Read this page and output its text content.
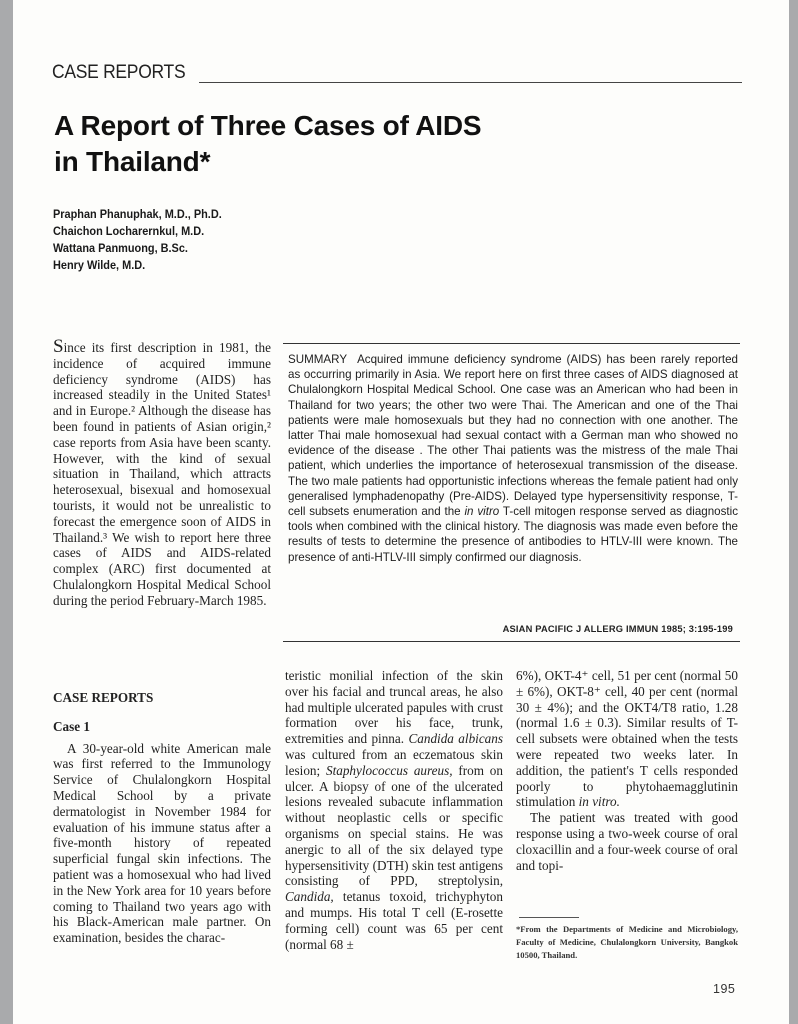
CASE REPORTS
A Report of Three Cases of AIDS
in Thailand*
Praphan Phanuphak, M.D., Ph.D.
Chaichon Locharernkul, M.D.
Wattana Panmuong, B.Sc.
Henry Wilde, M.D.
Since its first description in 1981, the incidence of acquired immune deficiency syndrome (AIDS) has increased steadily in the United States¹ and in Europe.² Although the disease has been found in patients of Asian origin,² case reports from Asia have been scanty. However, with the kind of sexual situation in Thailand, which attracts heterosexual, bisexual and homosexual tourists, it would not be unrealistic to forecast the emergence soon of AIDS in Thailand.³ We wish to report here three cases of AIDS and AIDS-related complex (ARC) first documented at Chulalongkorn Hospital Medical School during the period February-March 1985.
SUMMARY Acquired immune deficiency syndrome (AIDS) has been rarely reported as occurring primarily in Asia. We report here on first three cases of AIDS diagnosed at Chulalongkorn Hospital Medical School. One case was an American who had been in Thailand for two years; the other two were Thai. The American and one of the Thai patients were male homosexuals but they had no connection with one another. The latter Thai male homosexual had sexual contact with a German man who showed no evidence of the disease . The other Thai patients was the mistress of the male Thai patient, which underlies the importance of heterosexual transmission of the disease. The two male patients had opportunistic infections whereas the female patient had only generalised lymphadenopathy (Pre-AIDS). Delayed type hypersensitivity response, T-cell subsets enumeration and the in vitro T-cell mitogen response served as diagnostic tools when combined with the clinical history. The diagnosis was made even before the results of tests to determine the presence of antibodies to HTLV-III were known. The presence of anti-HTLV-III simply confirmed our diagnosis.
ASIAN PACIFIC J ALLERG IMMUN 1985; 3:195-199
CASE REPORTS
Case 1
A 30-year-old white American male was first referred to the Immunology Service of Chulalongkorn Hospital Medical School by a private dermatologist in November 1984 for evaluation of his immune status after a five-month history of repeated superficial fungal skin infections. The patient was a homosexual who had lived in the New York area for 10 years before coming to Thailand two years ago with his Black-American male partner. On examination, besides the charac-
teristic monilial infection of the skin over his facial and truncal areas, he also had multiple ulcerated papules with crust formation over his face, trunk, extremities and pinna. Candida albicans was cultured from an eczematous skin lesion; Staphylococcus aureus, from on ulcer. A biopsy of one of the ulcerated lesions revealed subacute inflammation without neoplastic cells or specific organisms on special stains. He was anergic to all of the six delayed type hypersensitivity (DTH) skin test antigens consisting of PPD, streptolysin, Candida, tetanus toxoid, trichyphyton and mumps. His total T cell (E-rosette forming cell) count was 65 per cent (normal 68 ±
6%), OKT-4⁺ cell, 51 per cent (normal 50 ± 6%), OKT-8⁺ cell, 40 per cent (normal 30 ± 4%); and the OKT4/T8 ratio, 1.28 (normal 1.6 ± 0.3). Similar results of T-cell subsets were obtained when the tests were repeated two weeks later. In addition, the patient's T cells responded poorly to phytohaemagglutinin stimulation in vitro.
The patient was treated with good response using a two-week course of oral cloxacillin and a four-week course of oral and topi-
*From the Departments of Medicine and Microbiology, Faculty of Medicine, Chulalongkorn University, Bangkok 10500, Thailand.
195
